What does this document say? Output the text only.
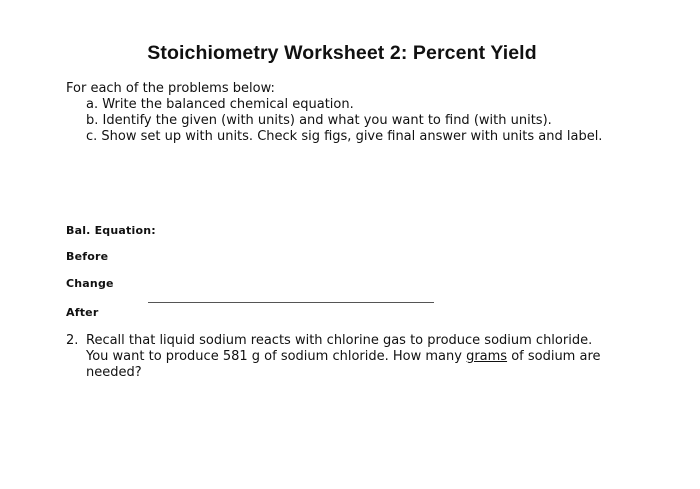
Stoichiometry Worksheet 2: Percent Yield

For each of the problems below:

a. Write the balanced chemical equation.
b. Identify the given (with units) and what you want to find (with units).
c. Show set up with units. Check sig figs, give final answer with units and label.

Bal. Equation:

Before

Change

After

2. Recall that liquid sodium reacts with chlorine gas to produce sodium chloride. You want to produce 581 g of sodium chloride. How many grams of sodium are needed?
